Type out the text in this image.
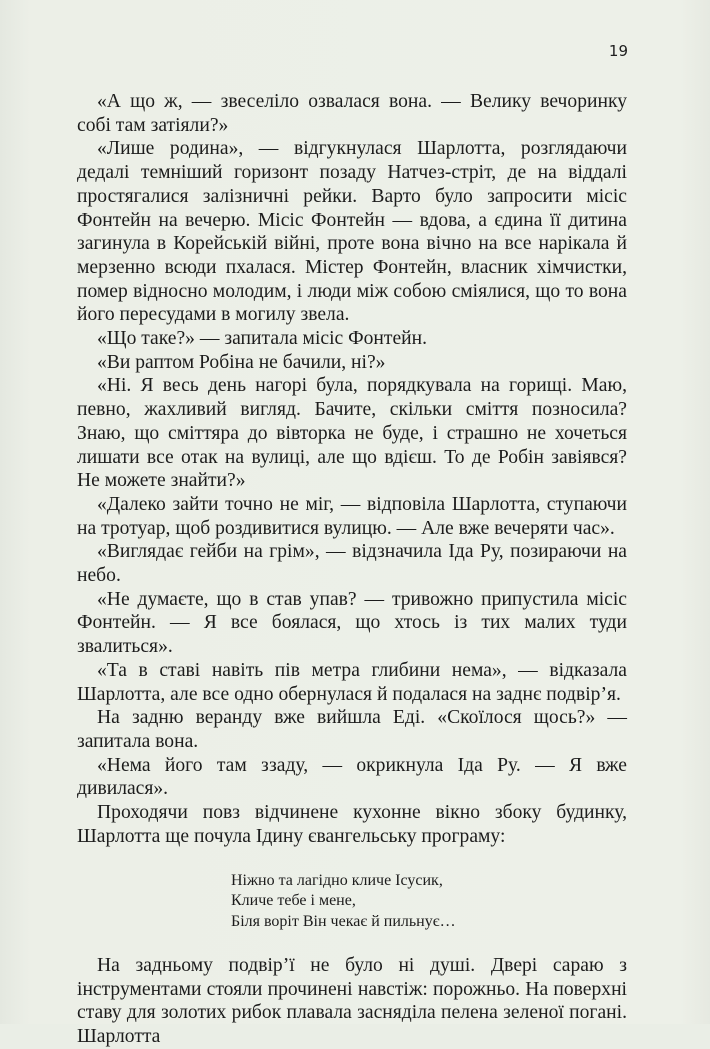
19

«А що ж, — звеселіло озвалася вона. — Велику вечоринку собі там затіяли?»

«Лише родина», — відгукнулася Шарлотта, розглядаючи дедалі темніший горизонт позаду Натчез-стріт, де на віддалі простягалися залізничні рейки. Варто було запросити місіс Фонтейн на вечерю. Місіс Фонтейн — вдова, а єдина її дитина загинула в Корейській війні, проте вона вічно на все нарікала й мерзенно всюди пхалася. Містер Фонтейн, власник хімчистки, помер відносно молодим, і люди між собою сміялися, що то вона його пересудами в могилу звела.

«Що таке?» — запитала місіс Фонтейн.

«Ви раптом Робіна не бачили, ні?»

«Ні. Я весь день нагорі була, порядкувала на горищі. Маю, певно, жахливий вигляд. Бачите, скільки сміття позносила? Знаю, що сміттяра до вівторка не буде, і страшно не хочеться лишати все отак на вулиці, але що вдієш. То де Робін завіявся? Не можете знайти?»

«Далеко зайти точно не міг, — відповіла Шарлотта, ступаючи на тротуар, щоб роздивитися вулицю. — Але вже вечеряти час».

«Виглядає гейби на грім», — відзначила Іда Ру, позираючи на небо.

«Не думаєте, що в став упав? — тривожно припустила місіс Фонтейн. — Я все боялася, що хтось із тих малих туди звалиться».

«Та в ставі навіть пів метра глибини нема», — відказала Шарлотта, але все одно обернулася й подалася на заднє подвір’я.

На задню веранду вже вийшла Еді. «Скоїлося щось?» — запитала вона.

«Нема його там ззаду, — окрикнула Іда Ру. — Я вже дивилася».

Проходячи повз відчинене кухонне вікно збоку будинку, Шарлотта ще почула Ідину євангельську програму:

Ніжно та лагідно кличе Ісусик,
Кличе тебе і мене,
Біля воріт Він чекає й пильнує…

На задньому подвір’ї не було ні душі. Двері сараю з інструментами стояли прочинені навстіж: порожньо. На поверхні ставу для золотих рибок плавала засняділа пелена зеленої погані. Шарлотта
